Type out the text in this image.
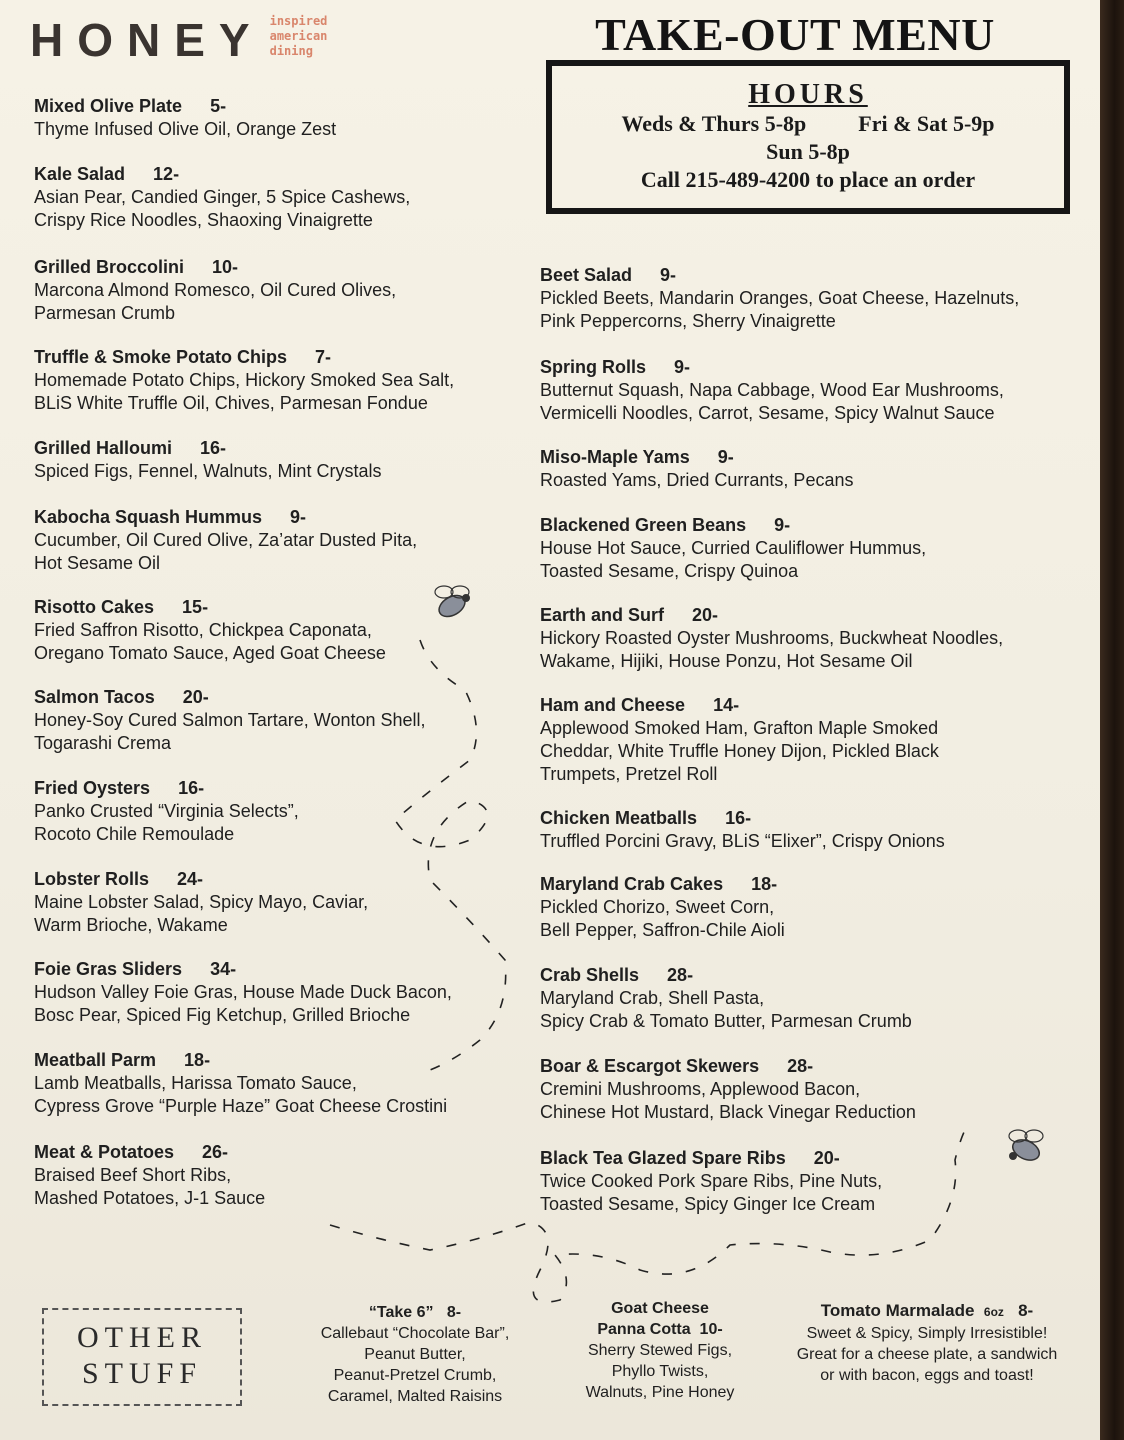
HONEY inspired
american
dining	TAKE-OUT MENU
HOURS
Weds & Thurs 5-8p Fri & Sat 5-9p
Sun 5-8p
Call 215-489-4200 to place an order
Mixed Olive Plate 5-
Thyme Infused Olive Oil, Orange Zest
Kale Salad 12-
Asian Pear, Candied Ginger, 5 Spice Cashews,
Crispy Rice Noodles, Shaoxing Vinaigrette
Grilled Broccolini 10-
Marcona Almond Romesco, Oil Cured Olives,
Parmesan Crumb
Truffle & Smoke Potato Chips 7-
Homemade Potato Chips, Hickory Smoked Sea Salt,
BLiS White Truffle Oil, Chives, Parmesan Fondue
Grilled Halloumi 16-
Spiced Figs, Fennel, Walnuts, Mint Crystals
Kabocha Squash Hummus 9-
Cucumber, Oil Cured Olive, Za’atar Dusted Pita,
Hot Sesame Oil
Risotto Cakes 15-
Fried Saffron Risotto, Chickpea Caponata,
Oregano Tomato Sauce, Aged Goat Cheese
Salmon Tacos 20-
Honey-Soy Cured Salmon Tartare, Wonton Shell,
Togarashi Crema
Fried Oysters 16-
Panko Crusted “Virginia Selects”,
Rocoto Chile Remoulade
Lobster Rolls 24-
Maine Lobster Salad, Spicy Mayo, Caviar,
Warm Brioche, Wakame
Foie Gras Sliders 34-
Hudson Valley Foie Gras, House Made Duck Bacon,
Bosc Pear, Spiced Fig Ketchup, Grilled Brioche
Meatball Parm 18-
Lamb Meatballs, Harissa Tomato Sauce,
Cypress Grove “Purple Haze” Goat Cheese Crostini
Meat & Potatoes 26-
Braised Beef Short Ribs,
Mashed Potatoes, J-1 Sauce
Beet Salad 9-
Pickled Beets, Mandarin Oranges, Goat Cheese, Hazelnuts,
Pink Peppercorns, Sherry Vinaigrette
Spring Rolls 9-
Butternut Squash, Napa Cabbage, Wood Ear Mushrooms,
Vermicelli Noodles, Carrot, Sesame, Spicy Walnut Sauce
Miso-Maple Yams 9-
Roasted Yams, Dried Currants, Pecans
Blackened Green Beans 9-
House Hot Sauce, Curried Cauliflower Hummus,
Toasted Sesame, Crispy Quinoa
Earth and Surf 20-
Hickory Roasted Oyster Mushrooms, Buckwheat Noodles,
Wakame, Hijiki, House Ponzu, Hot Sesame Oil
Ham and Cheese 14-
Applewood Smoked Ham, Grafton Maple Smoked
Cheddar, White Truffle Honey Dijon, Pickled Black
Trumpets, Pretzel Roll
Chicken Meatballs 16-
Truffled Porcini Gravy, BLiS “Elixer”, Crispy Onions
Maryland Crab Cakes 18-
Pickled Chorizo, Sweet Corn,
Bell Pepper, Saffron-Chile Aioli
Crab Shells 28-
Maryland Crab, Shell Pasta,
Spicy Crab & Tomato Butter, Parmesan Crumb
Boar & Escargot Skewers 28-
Cremini Mushrooms, Applewood Bacon,
Chinese Hot Mustard, Black Vinegar Reduction
Black Tea Glazed Spare Ribs 20-
Twice Cooked Pork Spare Ribs, Pine Nuts,
Toasted Sesame, Spicy Ginger Ice Cream
OTHER
STUFF
“Take 6” 8-
Callebaut “Chocolate Bar”,
Peanut Butter,
Peanut-Pretzel Crumb,
Caramel, Malted Raisins
Goat Cheese
Panna Cotta 10-
Sherry Stewed Figs,
Phyllo Twists,
Walnuts, Pine Honey
Tomato Marmalade 6oz 8-
Sweet & Spicy, Simply Irresistible!
Great for a cheese plate, a sandwich
or with bacon, eggs and toast!
